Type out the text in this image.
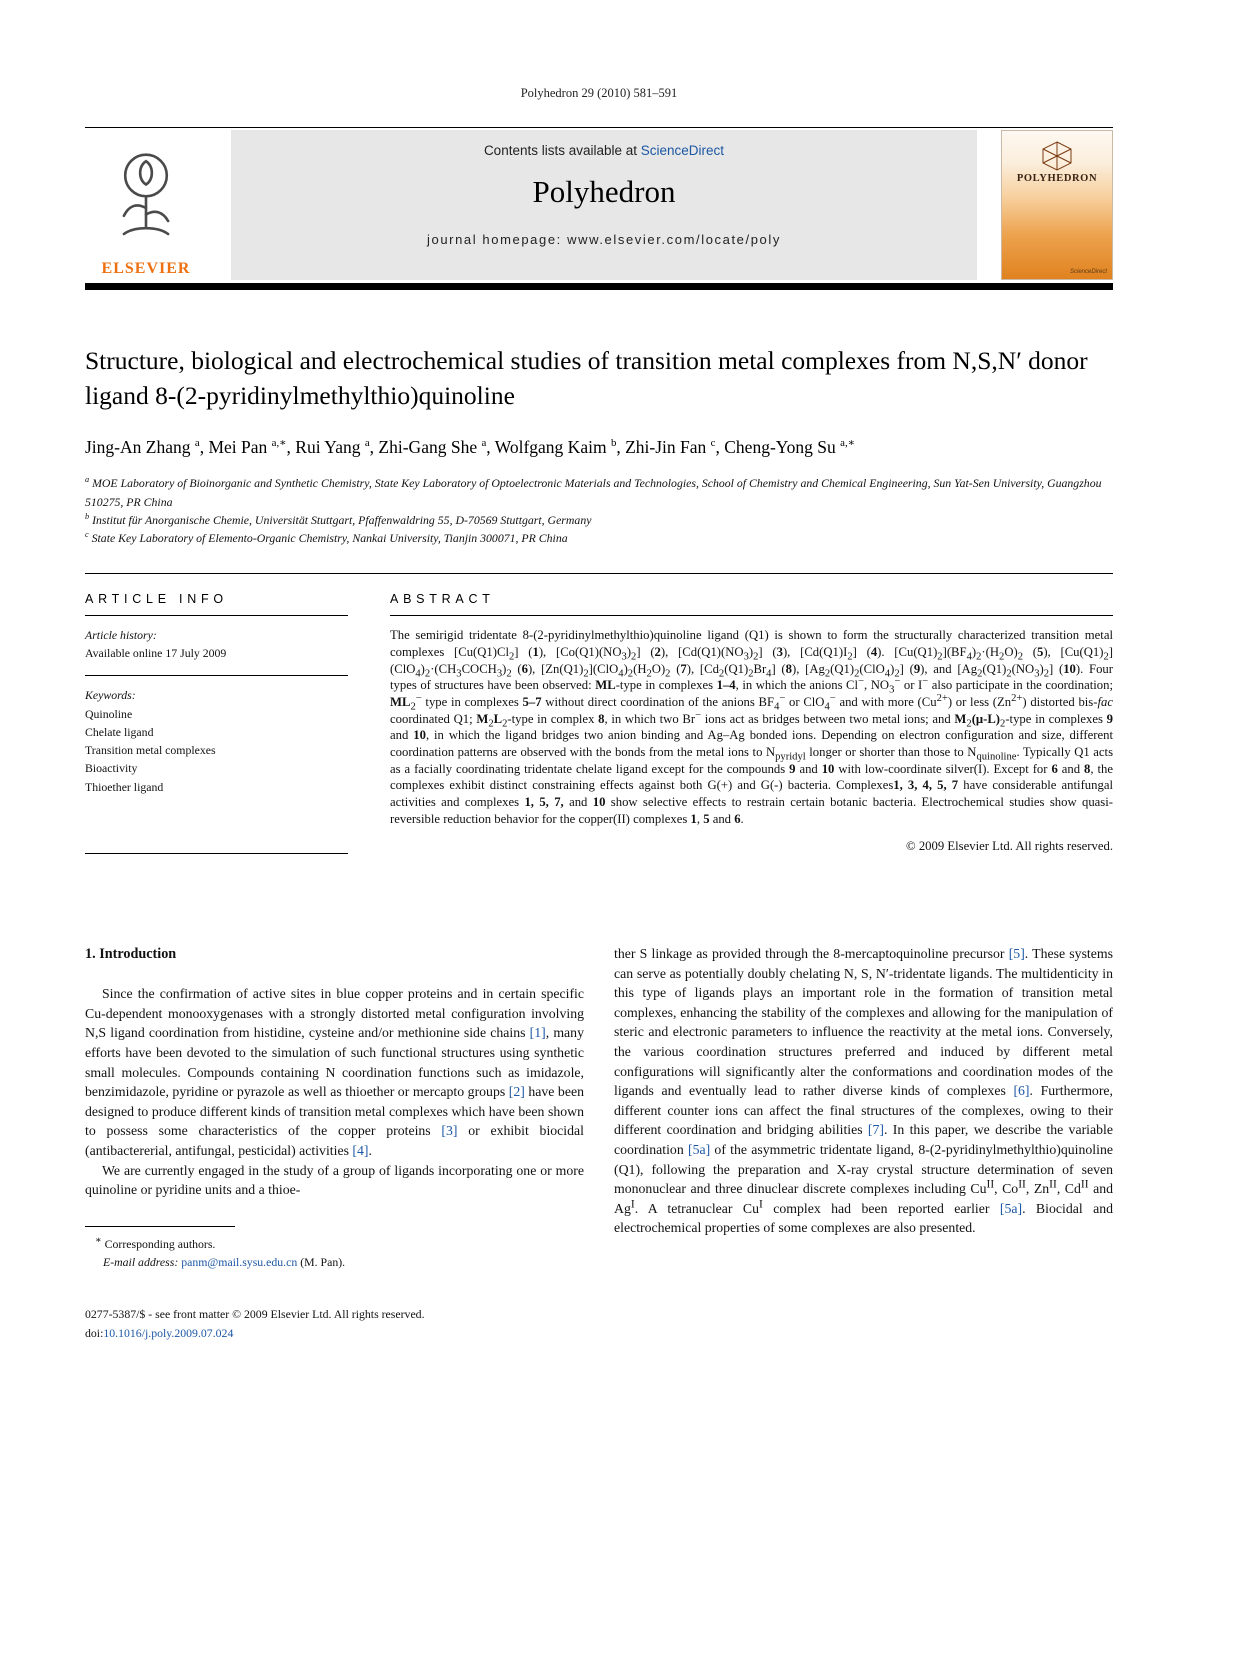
Polyhedron 29 (2010) 581–591
ELSEVIER
Contents lists available at ScienceDirect
Polyhedron
journal homepage: www.elsevier.com/locate/poly
POLYHEDRON
ScienceDirect
Structure, biological and electrochemical studies of transition metal complexes from N,S,N′ donor ligand 8-(2-pyridinylmethylthio)quinoline
Jing-An Zhang $^a$, Mei Pan $^{a,∗}$, Rui Yang $^a$, Zhi-Gang She $^a$, Wolfgang Kaim $^b$, Zhi-Jin Fan $^c$, Cheng-Yong Su $^{a,∗}$
$^a$ MOE Laboratory of Bioinorganic and Synthetic Chemistry, State Key Laboratory of Optoelectronic Materials and Technologies, School of Chemistry and Chemical Engineering, Sun Yat-Sen University, Guangzhou 510275, PR China
$^b$ Institut für Anorganische Chemie, Universität Stuttgart, Pfaffenwaldring 55, D-70569 Stuttgart, Germany
$^c$ State Key Laboratory of Elemento-Organic Chemistry, Nankai University, Tianjin 300071, PR China
ARTICLE INFO

Article history:

Available online 17 July 2009

Keywords:

Quinoline
Chelate ligand
Transition metal complexes
Bioactivity
Thioether ligand
ABSTRACT

The semirigid tridentate 8-(2-pyridinylmethylthio)quinoline ligand (Q1) is shown to form the structurally characterized transition metal complexes $[Cu(Q1)Cl_2]$ (1), $[Co(Q1)(NO_3)_2]$ (2), $[Cd(Q1)(NO_3)_2]$ (3), $[Cd(Q1)I_2]$ (4). $[Cu(Q1)_2](BF_4)_2\cdot(H_2O)_2$ (5), $[Cu(Q1)_2](ClO_4)_2\cdot(CH_3COCH_3)_2$ (6), $[Zn(Q1)_2](ClO_4)_2(H_2O)_2$ (7), $[Cd_2(Q1)_2Br_4]$ (8), $[Ag_2(Q1)_2(ClO_4)_2]$ (9), and $[Ag_2(Q1)_2(NO_3)_2]$ (10). Four types of structures have been observed: ML-type in complexes 1–4, in which the anions Cl−, $NO_3^-$ or I− also participate in the coordination; $ML_2^-$ type in complexes 5–7 without direct coordination of the anions $BF_4^-$ or ClO$_4$− and with more $(Cu^{2+})$ or less $(Zn^{2+})$ distorted bis-fac coordinated Q1; $M_2L_2$-type in complex 8, in which two Br− ions act as bridges between two metal ions; and $M_2(\mu-L)_2$-type in complexes 9 and 10, in which the ligand bridges two anion binding and Ag–Ag bonded ions. Depending on electron configuration and size, different coordination patterns are observed with the bonds from the metal ions to $N_{pyridyl}$ longer or shorter than those to $N_{quinoline}$. Typically Q1 acts as a facially coordinating tridentate chelate ligand except for the compounds 9 and 10 with low-coordinate silver(I). Except for 6 and 8, the complexes exhibit distinct constraining effects against both G(+) and G(-) bacteria. Complexes1, 3, 4, 5, 7 have considerable antifungal activities and complexes 1, 5, 7, and 10 show selective effects to restrain certain botanic bacteria. Electrochemical studies show quasi-reversible reduction behavior for the copper(II) complexes 1, 5 and 6.

© 2009 Elsevier Ltd. All rights reserved.

1. Introduction

Since the confirmation of active sites in blue copper proteins and in certain specific Cu-dependent monooxygenases with a strongly distorted metal configuration involving N,S ligand coordination from histidine, cysteine and/or methionine side chains [1], many efforts have been devoted to the simulation of such functional structures using synthetic small molecules. Compounds containing N coordination functions such as imidazole, benzimidazole, pyridine or pyrazole as well as thioether or mercapto groups [2] have been designed to produce different kinds of transition metal complexes which have been shown to possess some characteristics of the copper proteins [3] or exhibit biocidal (antibactererial, antifungal, pesticidal) activities [4].

We are currently engaged in the study of a group of ligands incorporating one or more quinoline or pyridine units and a thioe-

∗ Corresponding authors.
E-mail address: panm@mail.sysu.edu.cn (M. Pan).
0277-5387/$ - see front matter © 2009 Elsevier Ltd. All rights reserved.
doi:10.1016/j.poly.2009.07.024

ther S linkage as provided through the 8-mercaptoquinoline precursor [5]. These systems can serve as potentially doubly chelating N, S, N′-tridentate ligands. The multidenticity in this type of ligands plays an important role in the formation of transition metal complexes, enhancing the stability of the complexes and allowing for the manipulation of steric and electronic parameters to influence the reactivity at the metal ions. Conversely, the various coordination structures preferred and induced by different metal configurations will significantly alter the conformations and coordination modes of the ligands and eventually lead to rather diverse kinds of complexes [6]. Furthermore, different counter ions can affect the final structures of the complexes, owing to their different coordination and bridging abilities [7]. In this paper, we describe the variable coordination [5a] of the asymmetric tridentate ligand, 8-(2-pyridinylmethylthio)quinoline (Q1), following the preparation and X-ray crystal structure determination of seven mononuclear and three dinuclear discrete complexes including $Cu^{II}$, $Co^{II}$, $Zn^{II}$, $Cd^{II}$ and $Ag^I$. A tetranuclear $Cu^I$ complex had been reported earlier [5a]. Biocidal and electrochemical properties of some complexes are also presented.
